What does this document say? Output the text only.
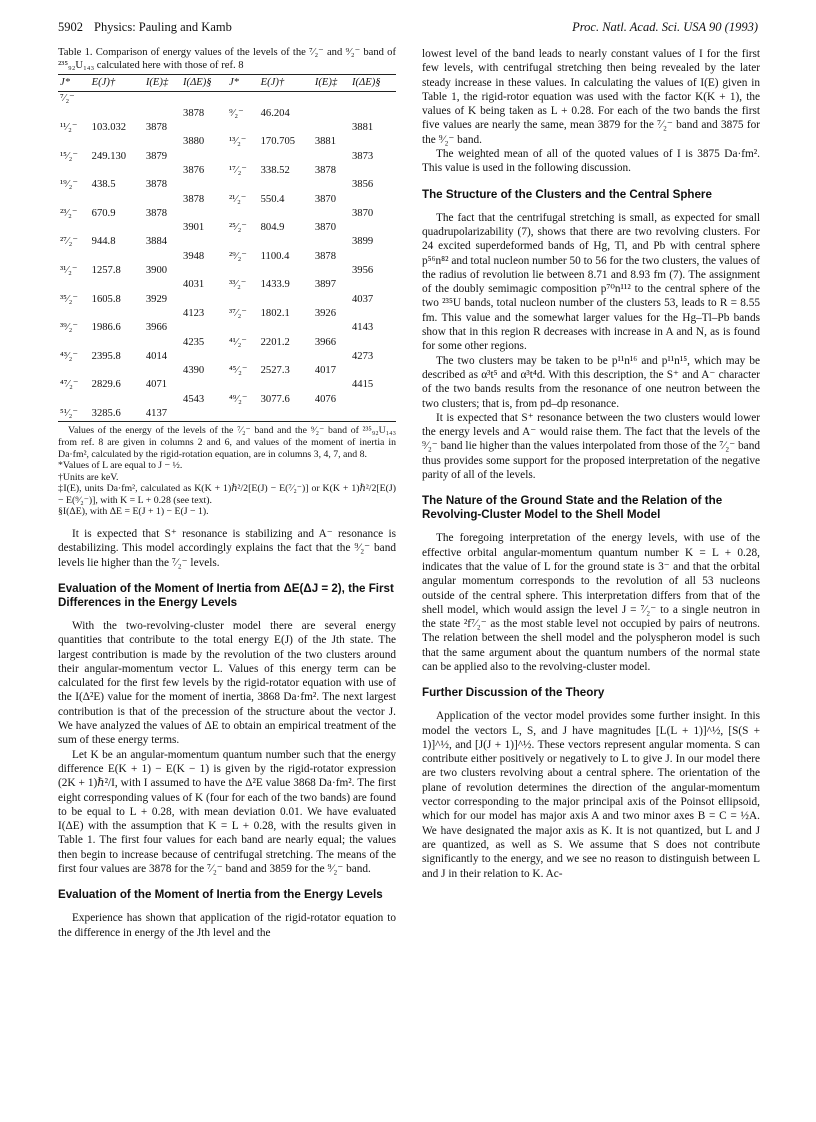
5902 Physics: Pauling and Kamb	Proc. Natl. Acad. Sci. USA 90 (1993)
Table 1. Comparison of energy values of the levels of the ⁷⁄₂⁻ and ⁹⁄₂⁻ band of ²³⁵₉₂U₁₄₃ calculated here with those of ref. 8
J*	E(J)†	I(E)‡	I(ΔE)§	J*	E(J)†	I(E)‡	I(ΔE)§
⁷⁄₂⁻							
			3878	⁹⁄₂⁻	46.204		
¹¹⁄₂⁻	103.032	3878					3881
			3880	¹³⁄₂⁻	170.705	3881	
¹⁵⁄₂⁻	249.130	3879					3873
			3876	¹⁷⁄₂⁻	338.52	3878	
¹⁹⁄₂⁻	438.5	3878					3856
			3878	²¹⁄₂⁻	550.4	3870	
²³⁄₂⁻	670.9	3878					3870
			3901	²⁵⁄₂⁻	804.9	3870	
²⁷⁄₂⁻	944.8	3884					3899
			3948	²⁹⁄₂⁻	1100.4	3878	
³¹⁄₂⁻	1257.8	3900					3956
			4031	³³⁄₂⁻	1433.9	3897	
³⁵⁄₂⁻	1605.8	3929					4037
			4123	³⁷⁄₂⁻	1802.1	3926	
³⁹⁄₂⁻	1986.6	3966					4143
			4235	⁴¹⁄₂⁻	2201.2	3966	
⁴³⁄₂⁻	2395.8	4014					4273
			4390	⁴⁵⁄₂⁻	2527.3	4017	
⁴⁷⁄₂⁻	2829.6	4071					4415
			4543	⁴⁹⁄₂⁻	3077.6	4076	
⁵¹⁄₂⁻	3285.6	4137					

Values of the energy of the levels of the ⁷⁄₂⁻ band and the ⁹⁄₂⁻ band of ²³⁵₉₂U₁₄₃ from ref. 8 are given in columns 2 and 6, and values of the moment of inertia in Da·fm², calculated by the rigid-rotation equation, are in columns 3, 4, 7, and 8.

*Values of L are equal to J − ½.

†Units are keV.

‡I(E), units Da·fm², calculated as K(K + 1)ℏ²/2[E(J) − E(⁷⁄₂⁻)] or K(K + 1)ℏ²/2[E(J) − E(⁹⁄₂⁻)], with K = L + 0.28 (see text).

§I(ΔE), with ΔE = E(J + 1) − E(J − 1).

It is expected that S⁺ resonance is stabilizing and A⁻ resonance is destabilizing. This model accordingly explains the fact that the ⁹⁄₂⁻ band levels lie higher than the ⁷⁄₂⁻ levels.

Evaluation of the Moment of Inertia from ΔE(ΔJ = 2), the First Differences in the Energy Levels

With the two-revolving-cluster model there are several energy quantities that contribute to the total energy E(J) of the Jth state. The largest contribution is made by the revolution of the two clusters around their angular-momentum vector L. Values of this energy term can be calculated for the first few levels by the rigid-rotator equation with use of the I(Δ²E) value for the moment of inertia, 3868 Da·fm². The next largest contribution is that of the precession of the structure about the vector J. We have analyzed the values of ΔE to obtain an empirical treatment of the sum of these energy terms.

Let K be an angular-momentum quantum number such that the energy difference E(K + 1) − E(K − 1) is given by the rigid-rotator expression (2K + 1)ℏ²/I, with I assumed to have the Δ²E value 3868 Da·fm². The first eight corresponding values of K (four for each of the two bands) are found to be equal to L + 0.28, with mean deviation 0.01. We have evaluated I(ΔE) with the assumption that K = L + 0.28, with the results given in Table 1. The first four values for each band are nearly equal; the values then begin to increase because of centrifugal stretching. The means of the first four values are 3878 for the ⁷⁄₂⁻ band and 3859 for the ⁹⁄₂⁻ band.

Evaluation of the Moment of Inertia from the Energy Levels

Experience has shown that application of the rigid-rotator equation to the difference in energy of the Jth level and the

lowest level of the band leads to nearly constant values of I for the first few levels, with centrifugal stretching then being revealed by the later steady increase in these values. In calculating the values of I(E) given in Table 1, the rigid-rotor equation was used with the factor K(K + 1), the values of K being taken as L + 0.28. For each of the two bands the first five values are nearly the same, mean 3879 for the ⁷⁄₂⁻ band and 3875 for the ⁹⁄₂⁻ band.

The weighted mean of all of the quoted values of I is 3875 Da·fm². This value is used in the following discussion.

The Structure of the Clusters and the Central Sphere

The fact that the centrifugal stretching is small, as expected for small quadrupolarizability (7), shows that there are two revolving clusters. For 24 excited superdeformed bands of Hg, Tl, and Pb with central sphere p⁵⁶n⁸² and total nucleon number 50 to 56 for the two clusters, the values of the radius of revolution lie between 8.71 and 8.93 fm (7). The assignment of the doubly semimagic composition p⁷⁰n¹¹² to the central sphere of the two ²³⁵U bands, total nucleon number of the clusters 53, leads to R = 8.55 fm. This value and the somewhat larger values for the Hg–Tl–Pb bands show that in this region R decreases with increase in A and N, as is found for some other regions.

The two clusters may be taken to be p¹¹n¹⁶ and p¹¹n¹⁵, which may be described as α³t⁵ and α³t⁴d. With this description, the S⁺ and A⁻ character of the two bands results from the resonance of one neutron between the two clusters; that is, from pd–dp resonance.

It is expected that S⁺ resonance between the two clusters would lower the energy levels and A⁻ would raise them. The fact that the levels of the ⁹⁄₂⁻ band lie higher than the values interpolated from those of the ⁷⁄₂⁻ band thus provides some support for the proposed interpretation of the negative parity of all of the levels.

The Nature of the Ground State and the Relation of the Revolving-Cluster Model to the Shell Model

The foregoing interpretation of the energy levels, with use of the effective orbital angular-momentum quantum number K = L + 0.28, indicates that the value of L for the ground state is 3⁻ and that the orbital angular momentum corresponds to the revolution of all 53 nucleons outside of the central sphere. This interpretation differs from that of the shell model, which would assign the level J = ⁷⁄₂⁻ to a single neutron in the state ²f⁷⁄₂⁻ as the most stable level not occupied by pairs of neutrons. The relation between the shell model and the polyspheron model is such that the same argument about the quantum numbers of the normal state can be applied also to the revolving-cluster model.

Further Discussion of the Theory

Application of the vector model provides some further insight. In this model the vectors L, S, and J have magnitudes [L(L + 1)]^½, [S(S + 1)]^½, and [J(J + 1)]^½. These vectors represent angular momenta. S can contribute either positively or negatively to L to give J. In our model there are two clusters revolving about a central sphere. The orientation of the plane of revolution determines the direction of the angular-momentum vector corresponding to the major principal axis of the Poinsot ellipsoid, which for our model has major axis A and two minor axes B = C = ½A. We have designated the major axis as K. It is not quantized, but L and J are quantized, as well as S. We assume that S does not contribute significantly to the energy, and we see no reason to distinguish between L and J in their relation to K. Ac-
